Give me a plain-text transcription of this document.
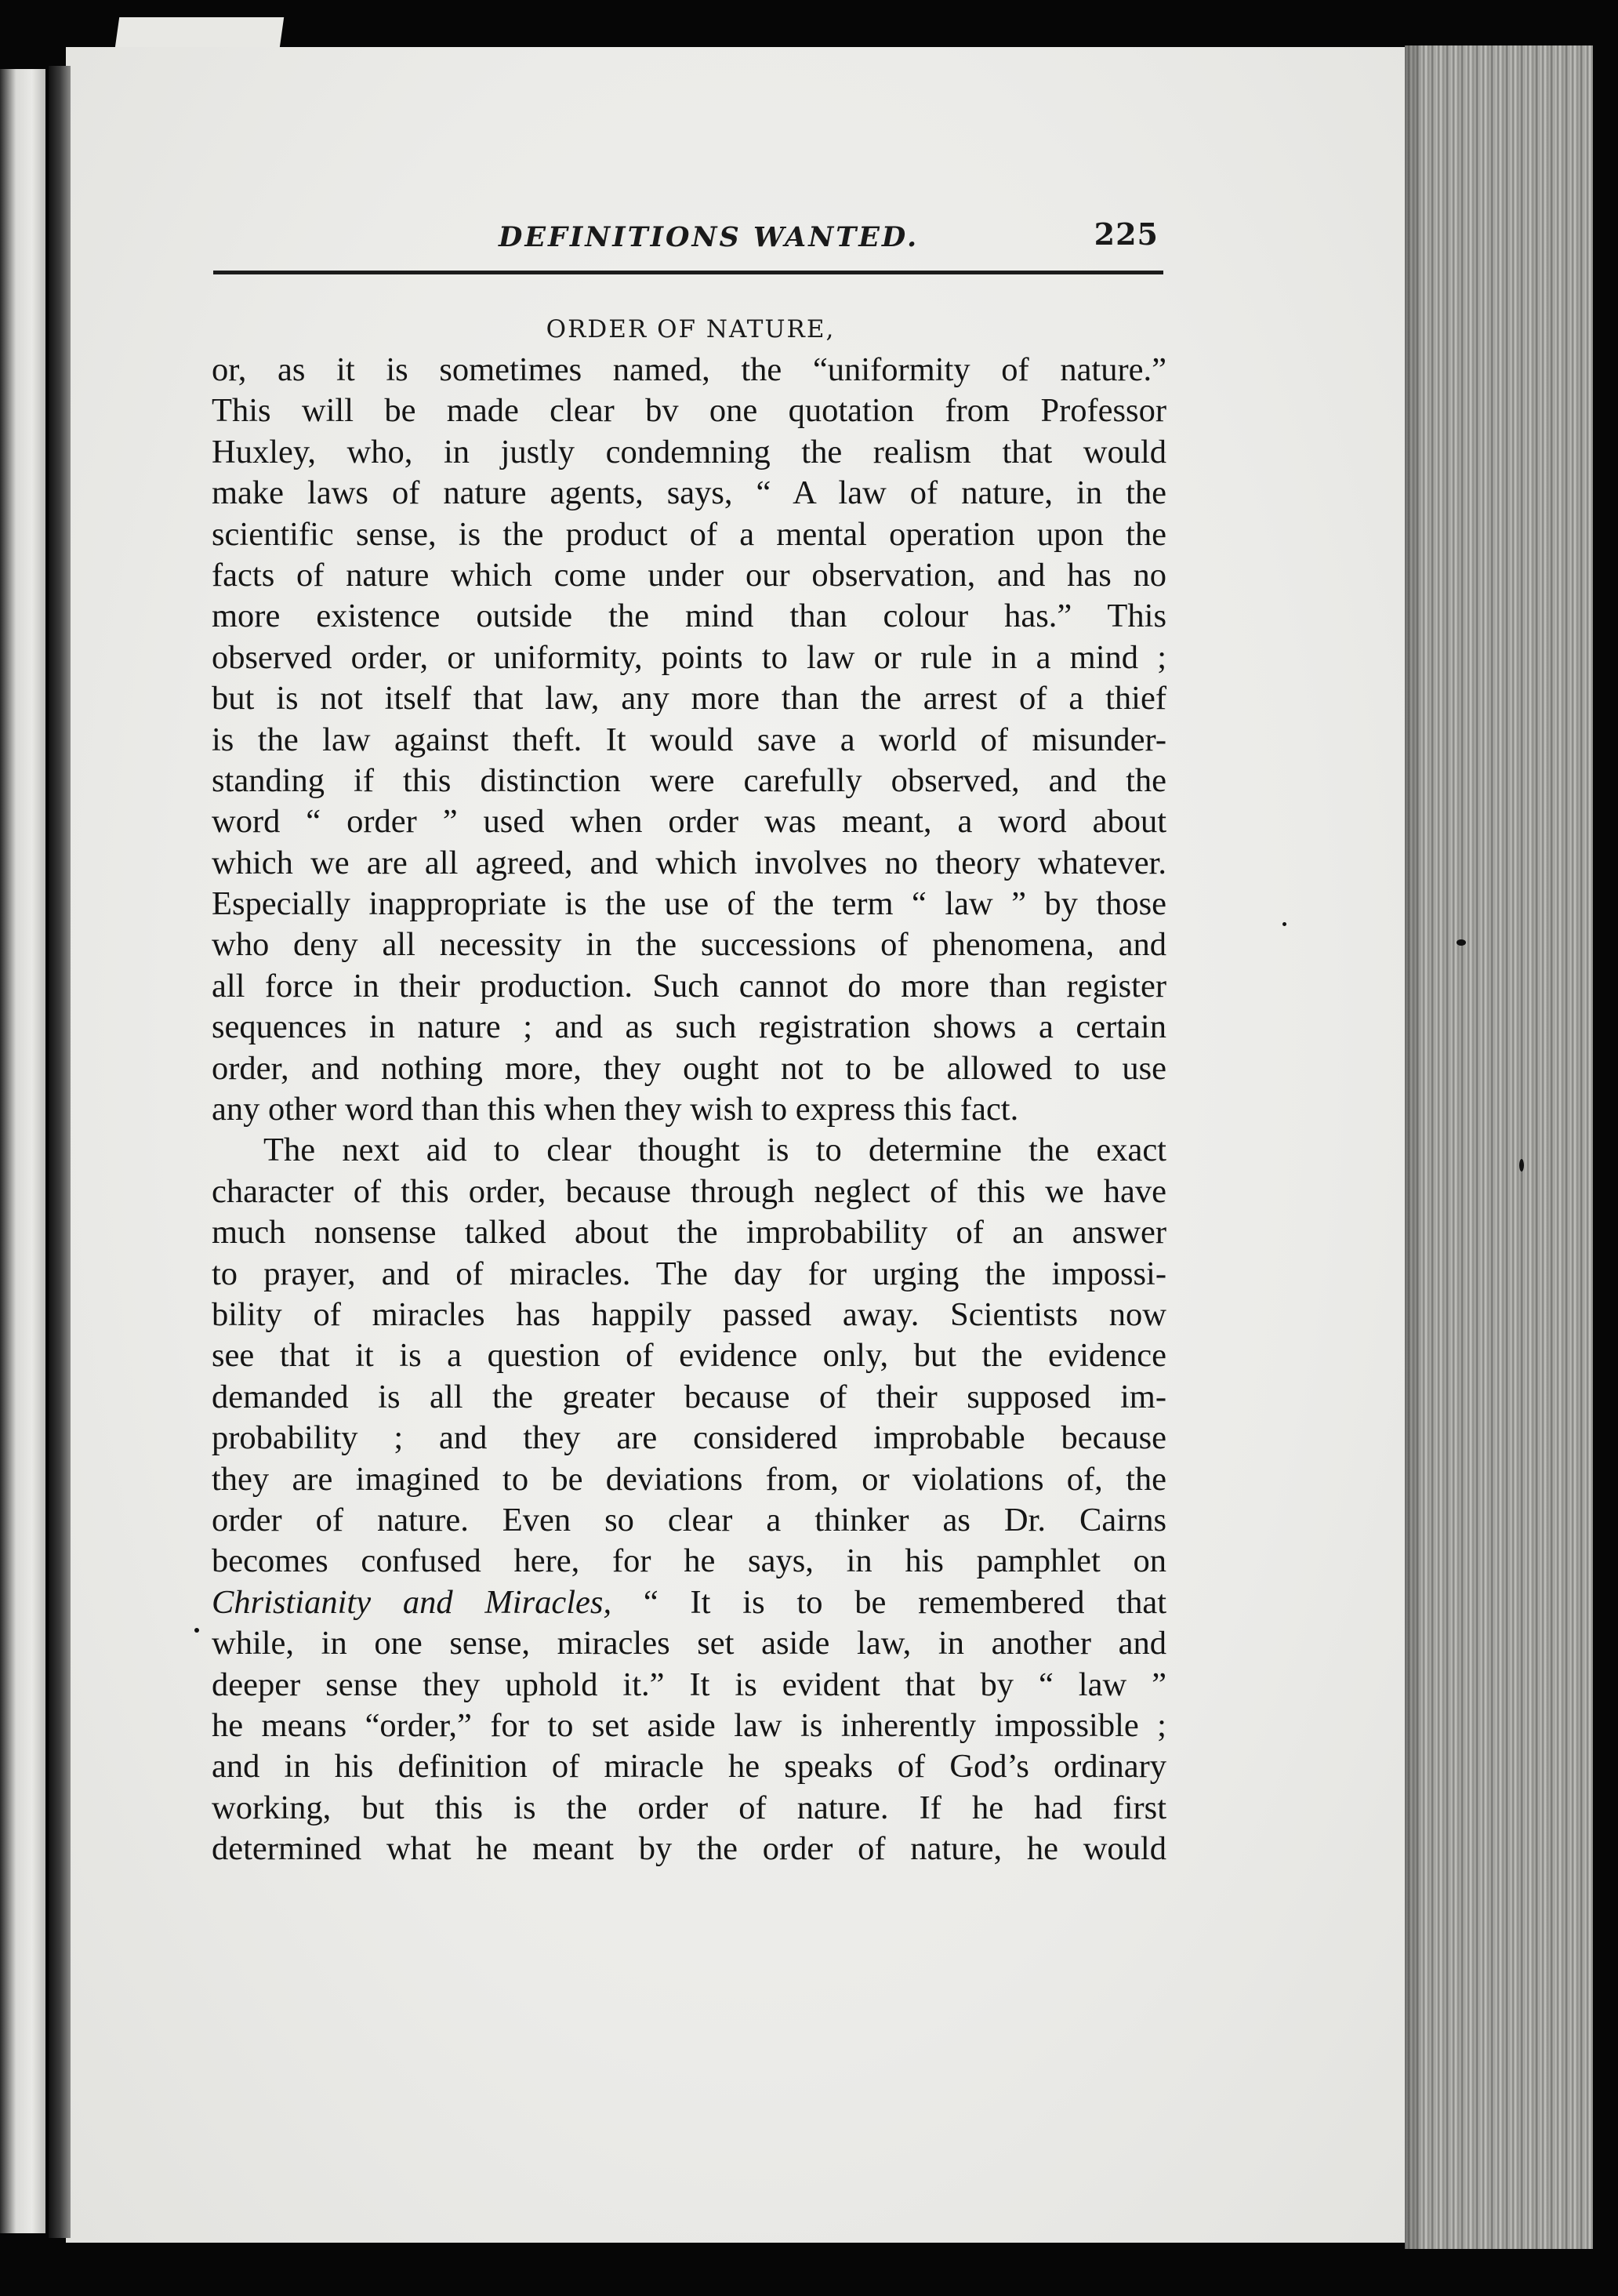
DEFINITIONS WANTED.	225
ORDER OF NATURE,
or, as it is sometimes named, the “uniformity of nature.”
This will be made clear bv one quotation from Professor
Huxley, who, in justly condemning the realism that would
make laws of nature agents, says, “ A law of nature, in the
scientific sense, is the product of a mental operation upon the
facts of nature which come under our observation, and has no
more existence outside the mind than colour has.” This
observed order, or uniformity, points to law or rule in a mind ;
but is not itself that law, any more than the arrest of a thief
is the law against theft. It would save a world of misunder-
standing if this distinction were carefully observed, and the
word “ order ” used when order was meant, a word about
which we are all agreed, and which involves no theory whatever.
Especially inappropriate is the use of the term “ law ” by those
who deny all necessity in the successions of phenomena, and
all force in their production. Such cannot do more than register
sequences in nature ; and as such registration shows a certain
order, and nothing more, they ought not to be allowed to use
any other word than this when they wish to express this fact.
The next aid to clear thought is to determine the exact
character of this order, because through neglect of this we have
much nonsense talked about the improbability of an answer
to prayer, and of miracles. The day for urging the impossi-
bility of miracles has happily passed away. Scientists now
see that it is a question of evidence only, but the evidence
demanded is all the greater because of their supposed im-
probability ; and they are considered improbable because
they are imagined to be deviations from, or violations of, the
order of nature. Even so clear a thinker as Dr. Cairns
becomes confused here, for he says, in his pamphlet on
Christianity and Miracles, “ It is to be remembered that
while, in one sense, miracles set aside law, in another and
deeper sense they uphold it.” It is evident that by “ law ”
he means “order,” for to set aside law is inherently impossible ;
and in his definition of miracle he speaks of God’s ordinary
working, but this is the order of nature. If he had first
determined what he meant by the order of nature, he would
